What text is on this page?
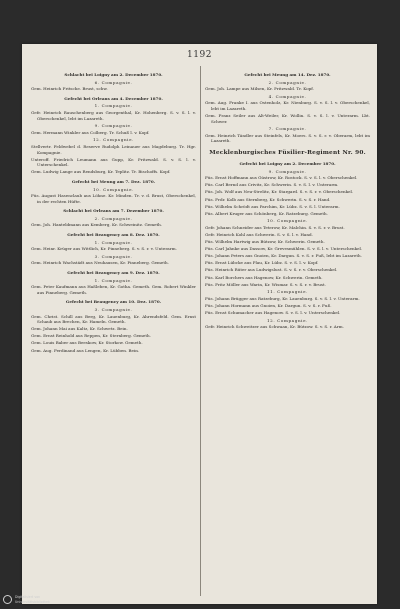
1192
Schlacht bei Loigny am 2. December 1870.
6. Compagnie.
Gem. Heinrich Fritsche. Brust, schw.
Gefecht bei Orleans am 4. December 1870.
1. Compagnie.
Gefr. Heinrich Rauschenberg aus Georgenthal, Kr. Hohenberg. S. v. S. l. v. Oberschenkel, lebt im Lazareth.
9. Compagnie.
Gem. Hermann Winkler aus Colberg. Tr. Schuß l. v. Kopf.
12. Compagnie.
Stellvertr. Feldwebel d. Reserve Rudolph Leinauer aus Magdeburg. Tr. Hgr. Kompagnie.
Unteroff. Friedrich Leumann aus Gupp, Kr. Pritzwald. S. v. S. l. v. Unterschenkel.
Gem. Ludwig Lange aus Rendsburg, Kr. Teplitz. Tr. Bischoffs. Kopf.
Gefecht bei Meung am 7. Dez. 1870.
10. Compagnie.
Füs. August Hasenclaub aus Löhne. Kr. Minden. Tr. v. d. Brust, Oberschenkel, in der rechten Hüfte.
Schlacht bei Orleans am 7. Dezember 1870.
2. Compagnie.
Gem. Joh. Hanteldmann aus Kemberg, Kr. Schweinitz. Gemeth.
Gefecht bei Beaugency am 8. Dez. 1870.
1. Compagnie.
Gem. Heinr. Krüger aus Wittlich, Kr. Pinneberg. S. v. S. r. v. Unterarm.
3. Compagnie.
Gem. Heinrich Wachstädt aus Neuhausen, Kr. Pinneberg. Gemeth.
Gefecht bei Beaugency am 9. Dez. 1870.
1. Compagnie.
Gem. Peter Kaufmann aus Haßleben, Kr. Gotha. Gemeth. Gem. Robert Winkler aus Pinneberg. Gemeth.
Gefecht bei Beaugency am 10. Dez. 1870.
3. Compagnie.
Gem. Christ. Schill aus Berg, Kr. Lauenburg, Kr. Ahrendsfeld. Gem. Ernst Schaub aus Brechen, Kr. Hameln. Gemeth.
Gem. Johann Mai aus Kaltz, Kr. Schwetz. Bein.
Gem. Ernst Reinhold aus Reppen, Kr. Sternberg. Gemeth.
Gem. Louis Baber aus Beeskow, Kr. Storkow. Gemeth.
Gem. Aug. Ferdinand aus Lengen, Kr. Lübben. Bein.
Gefecht bei Meung am 14. Dez. 1870.
2. Compagnie.
Gem. Joh. Lampe aus Milsen, Kr. Pritzwald. Tr. Kopf.
4. Compagnie.
Gem. Aug. Franke I. aus Ostenholz, Kr. Nienburg. S. v. S. l. v. Oberschenkel, lebt im Lazareth.
Gem. Franz Seiler aus Alt-Weiler, Kr. Wollin. S. v. S. l. v. Unterarm. Lbt. Schwer.
7. Compagnie.
Gem. Heinrich Tändler aus Steinfels, Kr. Moers. S. v. S. r. v. Oberarm, lebt im Lazareth.
Mecklenburgisches Füsilier-Regiment Nr. 90.
Gefecht bei Loigny am 2. December 1870.
9. Compagnie.
Füs. Ernst Hoffmann aus Güstrow, Kr. Rostock. S. v. S. l. v. Oberschenkel.
Füs. Carl Bernd aus Crivitz, Kr. Schwerin. S. v. S. l. v. Unterarm.
Füs. Joh. Wolf aus Neu-Strelitz, Kr. Stargard. S. v. S. r. v. Oberschenkel.
Füs. Frdr. Kolb aus Sternberg, Kr. Schwerin. S. v. S. r. Hand.
Füs. Wilhelm Schrödt aus Parchim, Kr. Lübz. S. v. S. l. Unterarm.
Füs. Albert Kruger aus Schönberg, Kr. Ratzeburg. Gemeth.
10. Compagnie.
Gefr. Johann Schneider aus Teterow, Kr. Malchin. S. v. S. r. v. Brust.
Gefr. Heinrich Kohl aus Schwerin. S. v. S. l. v. Hand.
Füs. Wilhelm Hartwig aus Bützow, Kr. Schwerin. Gemeth.
Füs. Carl Jahnke aus Dassow, Kr. Grevesmühlen. S. v. S. l. v. Unterschenkel.
Füs. Johann Peters aus Gnoien, Kr. Dargun. S. v. S. r. Fuß, lebt im Lazareth.
Füs. Ernst Lübcke aus Plau, Kr. Lübz. S. v. S. l. v. Kopf.
Füs. Heinrich Rüter aus Ludwigslust. S. v. S. r. v. Oberschenkel.
Füs. Karl Borchers aus Hagenow, Kr. Schwerin. Gemeth.
Füs. Fritz Möller aus Warin, Kr. Wismar. S. v. S. r. v. Brust.
11. Compagnie.
Füs. Johann Brügger aus Ratzeburg, Kr. Lauenburg. S. v. S. l. v. Unterarm.
Füs. Johann Hormann aus Gnoien, Kr. Dargun. S. v. S. r. Fuß.
Füs. Ernst Schumacher aus Hagenow. S. v. S. l. v. Unterschenkel.
12. Compagnie.
Gefr. Heinrich Schweitzer aus Schwaan, Kr. Bützow. S. v. S. r. Arm.
Digitalisiert von
Universitätsbibliothek
